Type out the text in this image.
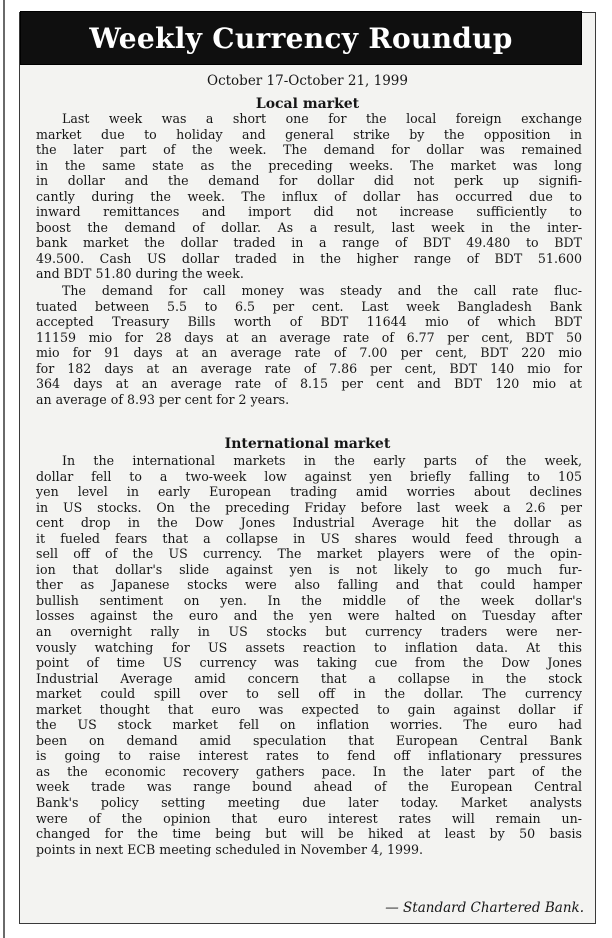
Weekly Currency Roundup
October 17-October 21, 1999
Local market

Last week was a short one for the local foreign exchange
market due to holiday and general strike by the opposition in
the later part of the week. The demand for dollar was remained
in the same state as the preceding weeks. The market was long
in dollar and the demand for dollar did not perk up signifi-
cantly during the week. The influx of dollar has occurred due to
inward remittances and import did not increase sufficiently to
boost the demand of dollar. As a result, last week in the inter-
bank market the dollar traded in a range of BDT 49.480 to BDT
49.500. Cash US dollar traded in the higher range of BDT 51.600
and BDT 51.80 during the week.

The demand for call money was steady and the call rate fluc-
tuated between 5.5 to 6.5 per cent. Last week Bangladesh Bank
accepted Treasury Bills worth of BDT 11644 mio of which BDT
11159 mio for 28 days at an average rate of 6.77 per cent, BDT 50
mio for 91 days at an average rate of 7.00 per cent, BDT 220 mio
for 182 days at an average rate of 7.86 per cent, BDT 140 mio for
364 days at an average rate of 8.15 per cent and BDT 120 mio at
an average of 8.93 per cent for 2 years.

International market

In the international markets in the early parts of the week,
dollar fell to a two-week low against yen briefly falling to 105
yen level in early European trading amid worries about declines
in US stocks. On the preceding Friday before last week a 2.6 per
cent drop in the Dow Jones Industrial Average hit the dollar as
it fueled fears that a collapse in US shares would feed through a
sell off of the US currency. The market players were of the opin-
ion that dollar's slide against yen is not likely to go much fur-
ther as Japanese stocks were also falling and that could hamper
bullish sentiment on yen. In the middle of the week dollar's
losses against the euro and the yen were halted on Tuesday after
an overnight rally in US stocks but currency traders were ner-
vously watching for US assets reaction to inflation data. At this
point of time US currency was taking cue from the Dow Jones
Industrial Average amid concern that a collapse in the stock
market could spill over to sell off in the dollar. The currency
market thought that euro was expected to gain against dollar if
the US stock market fell on inflation worries. The euro had
been on demand amid speculation that European Central Bank
is going to raise interest rates to fend off inflationary pressures
as the economic recovery gathers pace. In the later part of the
week trade was range bound ahead of the European Central
Bank's policy setting meeting due later today. Market analysts
were of the opinion that euro interest rates will remain un-
changed for the time being but will be hiked at least by 50 basis
points in next ECB meeting scheduled in November 4, 1999.

— Standard Chartered Bank.
